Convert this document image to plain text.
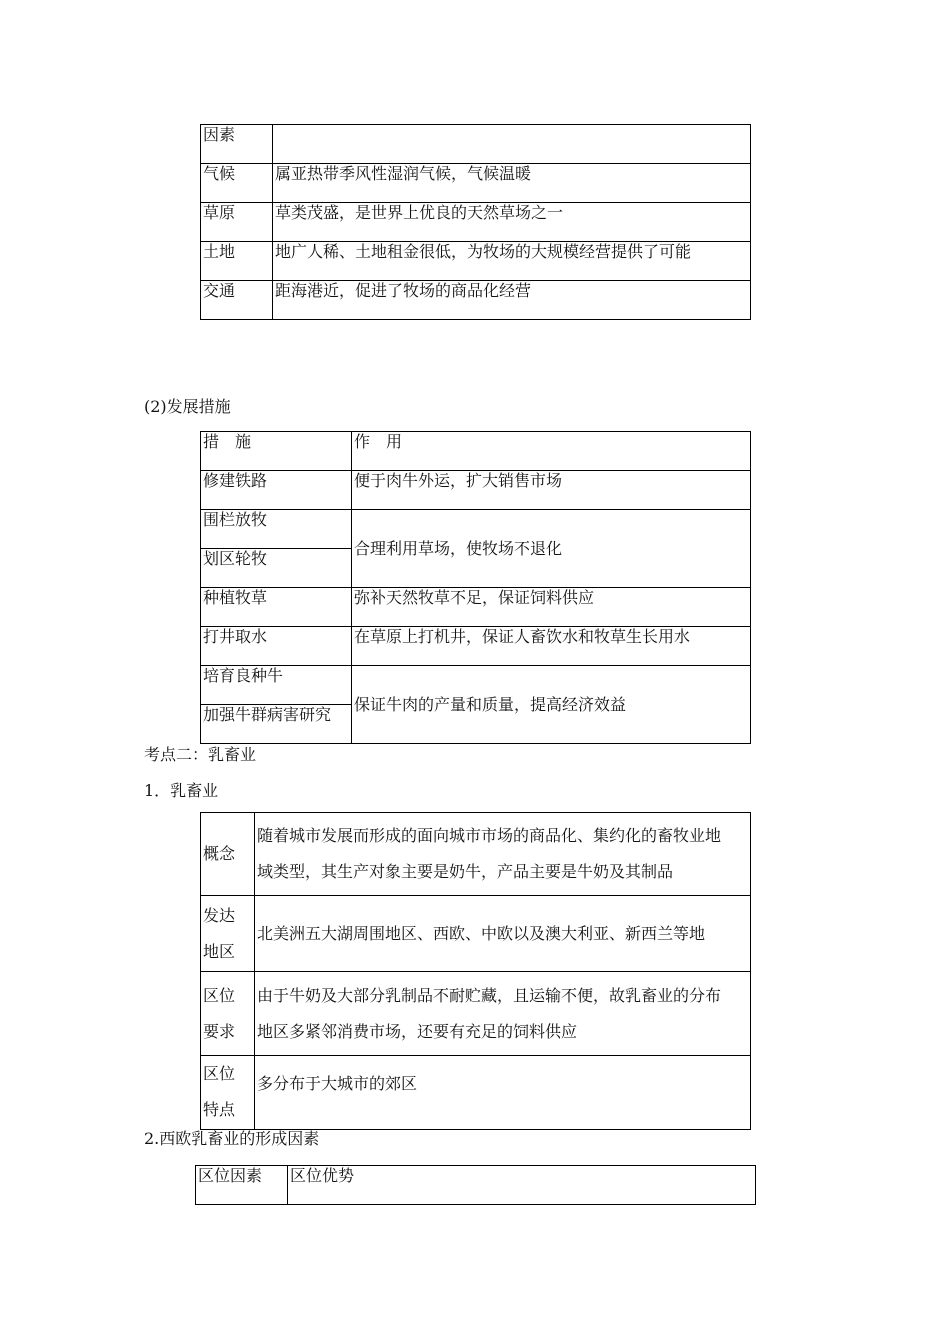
因素	
气候	属亚热带季风性湿润气候，气候温暖
草原	草类茂盛，是世界上优良的天然草场之一
土地	地广人稀、土地租金很低，为牧场的大规模经营提供了可能
交通	距海港近，促进了牧场的商品化经营
(2)发展措施
措　施	作　用
修建铁路	便于肉牛外运，扩大销售市场
围栏放牧	合理利用草场，使牧场不退化
划区轮牧	
种植牧草	弥补天然牧草不足，保证饲料供应
打井取水	在草原上打机井，保证人畜饮水和牧草生长用水
培育良种牛	保证牛肉的产量和质量，提高经济效益
加强牛群病害研究	
考点二：乳畜业
1．乳畜业
概念	随着城市发展而形成的面向城市市场的商品化、集约化的畜牧业地
域类型，其生产对象主要是奶牛，产品主要是牛奶及其制品

发达
地区	北美洲五大湖周围地区、西欧、中欧以及澳大利亚、新西兰等地

区位
要求	由于牛奶及大部分乳制品不耐贮藏，且运输不便，故乳畜业的分布
地区多紧邻消费市场，还要有充足的饲料供应

区位
特点	多分布于大城市的郊区
2.西欧乳畜业的形成因素
区位因素	区位优势
